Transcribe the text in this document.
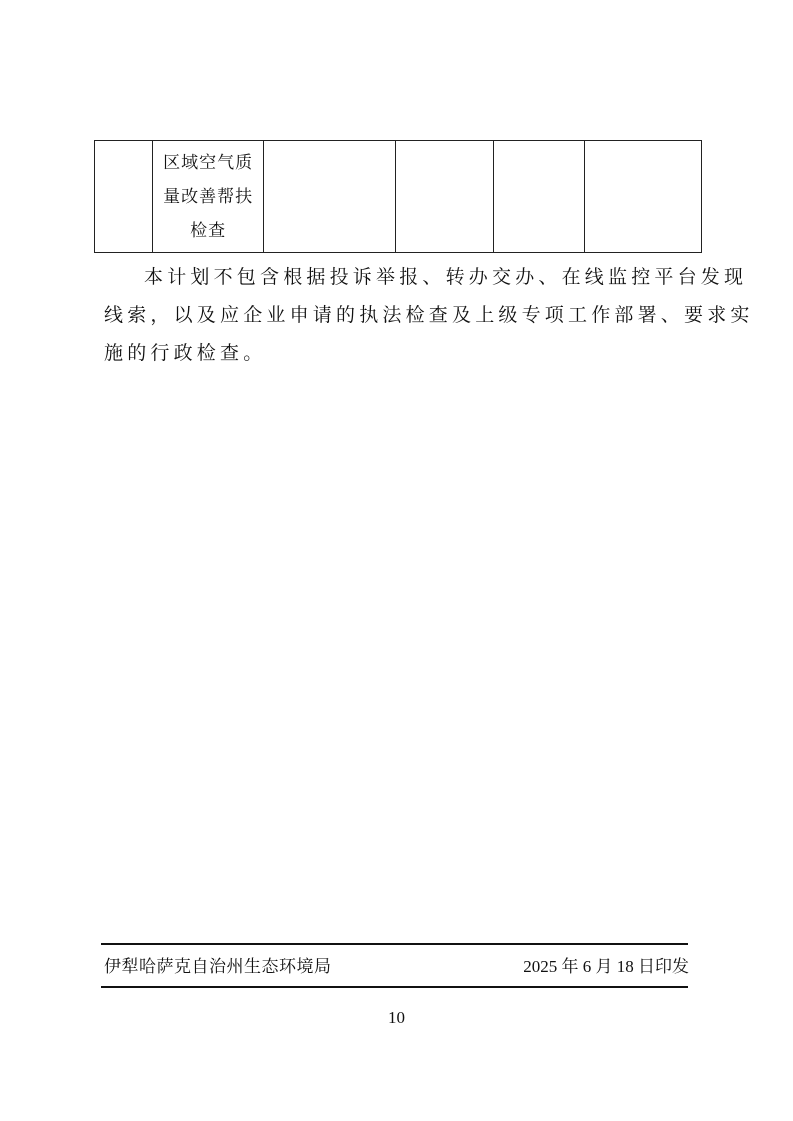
区域空气质
量改善帮扶
检查

本计划不包含根据投诉举报、转办交办、在线监控平台发现
线索，以及应企业申请的执法检查及上级专项工作部署、要求实
施的行政检查。
伊犁哈萨克自治州生态环境局	2025 年 6 月 18 日印发
10
